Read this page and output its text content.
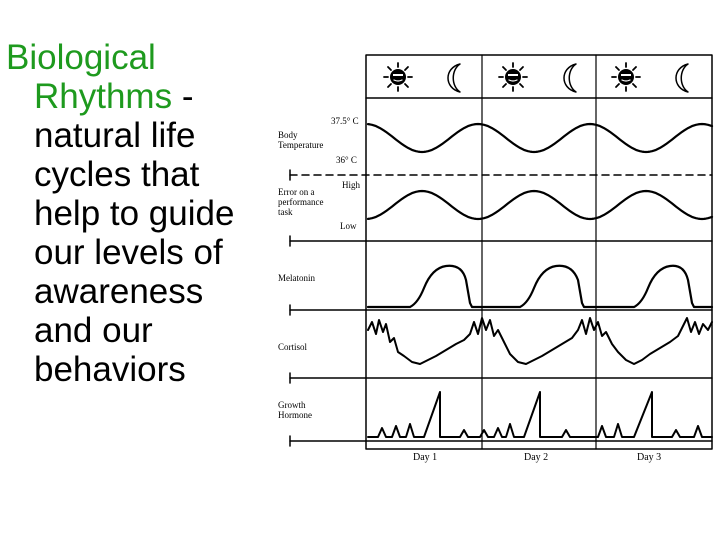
Biological
Rhythms -
natural life
cycles that
help to guide
our levels of
awareness
and our
behaviors
37.5° C
Body Temperature
36° C
High
Error on a performance task
Low
Melatonin
Cortisol
Growth Hormone
Day 1	Day 2	Day 3
